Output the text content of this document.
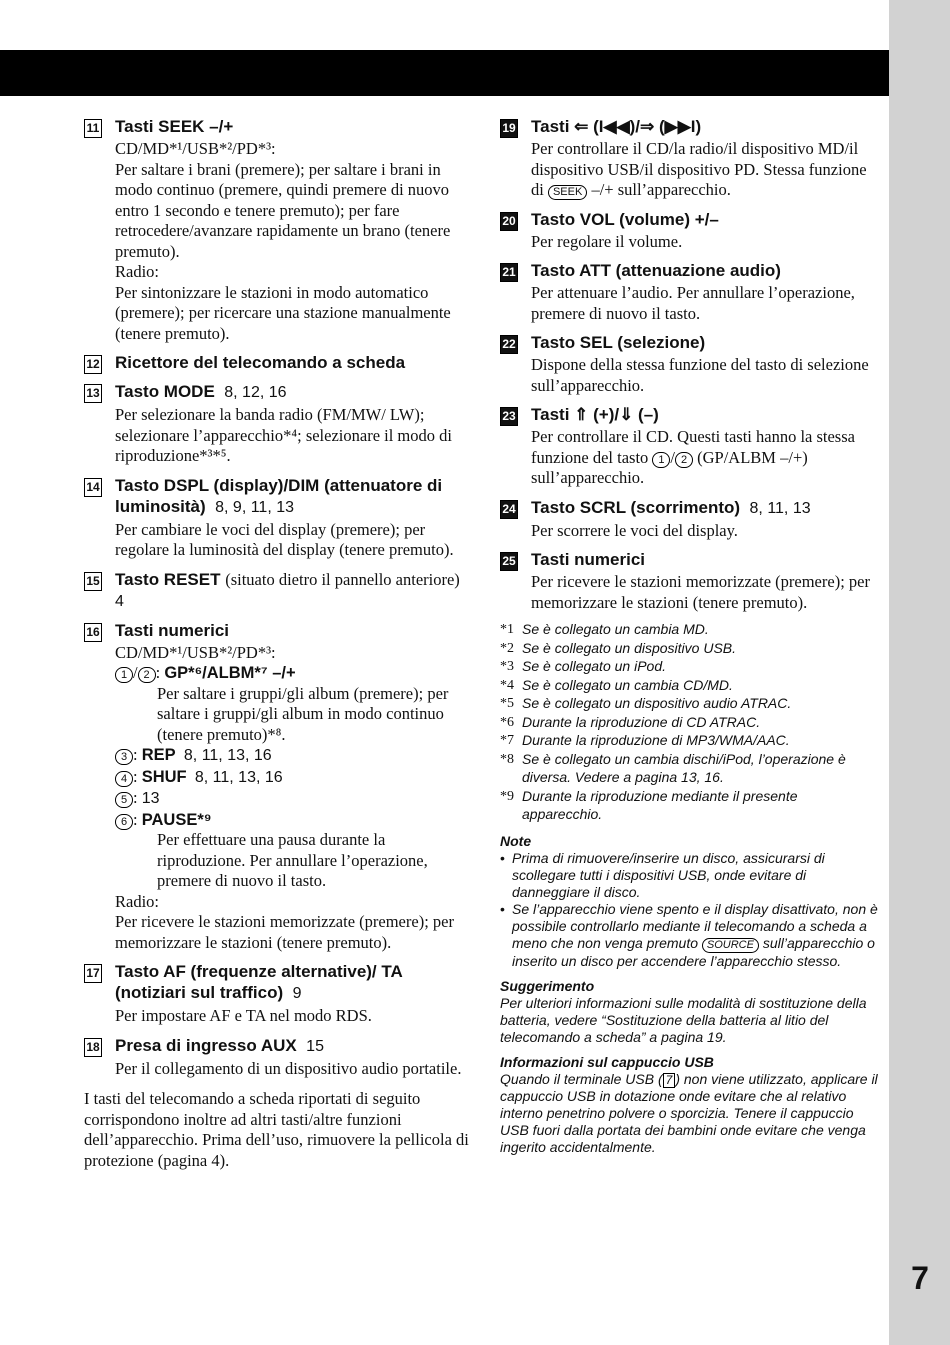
7
11 Tasti SEEK –/+

CD/MD*¹/USB*²/PD*³:

Per saltare i brani (premere); per saltare i brani in modo continuo (premere, quindi premere di nuovo entro 1 secondo e tenere premuto); per fare retrocedere/avanzare rapidamente un brano (tenere premuto).

Radio:

Per sintonizzare le stazioni in modo automatico (premere); per ricercare una stazione manualmente (tenere premuto).

12 Ricettore del telecomando a scheda
13 Tasto MODE 8, 12, 16

Per selezionare la banda radio (FM/MW/ LW); selezionare l’apparecchio*⁴; selezionare il modo di riproduzione*³*⁵.

14 Tasto DSPL (display)/DIM (attenuatore di luminosità) 8, 9, 11, 13

Per cambiare le voci del display (premere); per regolare la luminosità del display (tenere premuto).

15 Tasto RESET (situato dietro il pannello anteriore)  4
16 Tasti numerici

CD/MD*¹/USB*²/PD*³:

1 / 2 : GP*⁶/ALBM*⁷ –/+

Per saltare i gruppi/gli album (premere); per saltare i gruppi/gli album in modo continuo (tenere premuto)*⁸.

3 : REP 8, 11, 13, 16

4 : SHUF 8, 11, 13, 16

5 : 13

6 : PAUSE*⁹

Per effettuare una pausa durante la riproduzione. Per annullare l’operazione, premere di nuovo il tasto.

Radio:

Per ricevere le stazioni memorizzate (premere); per memorizzare le stazioni (tenere premuto).

17 Tasto AF (frequenze alternative)/ TA (notiziari sul traffico) 9

Per impostare AF e TA nel modo RDS.

18 Presa di ingresso AUX 15

Per il collegamento di un dispositivo audio portatile.

I tasti del telecomando a scheda riportati di seguito corrispondono inoltre ad altri tasti/altre funzioni dell’apparecchio. Prima dell’uso, rimuovere la pellicola di protezione (pagina 4).

19 Tasti ⇐ (I◀◀)/⇒ (▶▶I)

Per controllare il CD/la radio/il dispositivo MD/il dispositivo USB/il dispositivo PD. Stessa funzione di SEEK –/+ sull’apparecchio.

20 Tasto VOL (volume) +/–

Per regolare il volume.

21 Tasto ATT (attenuazione audio)

Per attenuare l’audio. Per annullare l’operazione, premere di nuovo il tasto.

22 Tasto SEL (selezione)

Dispone della stessa funzione del tasto di selezione sull’apparecchio.

23 Tasti ⇑ (+)/⇓ (–)

Per controllare il CD. Questi tasti hanno la stessa funzione del tasto 1 / 2 (GP/ALBM –/+) sull’apparecchio.

24 Tasto SCRL (scorrimento) 8, 11, 13

Per scorrere le voci del display.

25 Tasti numerici

Per ricevere le stazioni memorizzate (premere); per memorizzare le stazioni (tenere premuto).

*1 Se è collegato un cambia MD.
*2 Se è collegato un dispositivo USB.
*3 Se è collegato un iPod.
*4 Se è collegato un cambia CD/MD.
*5 Se è collegato un dispositivo audio ATRAC.
*6 Durante la riproduzione di CD ATRAC.
*7 Durante la riproduzione di MP3/WMA/AAC.
*8 Se è collegato un cambia dischi/iPod, l’operazione è diversa. Vedere a pagina 13, 16.
*9 Durante la riproduzione mediante il presente apparecchio.
Note
• Prima di rimuovere/inserire un disco, assicurarsi di scollegare tutti i dispositivi USB, onde evitare di danneggiare il disco.
• Se l’apparecchio viene spento e il display disattivato, non è possibile controllarlo mediante il telecomando a scheda a meno che non venga premuto SOURCE sull’apparecchio o inserito un disco per accendere l’apparecchio stesso.
Suggerimento
Per ulteriori informazioni sulle modalità di sostituzione della batteria, vedere “Sostituzione della batteria al litio del telecomando a scheda” a pagina 19.
Informazioni sul cappuccio USB
Quando il terminale USB ( 7 ) non viene utilizzato, applicare il cappuccio USB in dotazione onde evitare che al relativo interno penetrino polvere o sporcizia. Tenere il cappuccio USB fuori dalla portata dei bambini onde evitare che venga ingerito accidentalmente.
